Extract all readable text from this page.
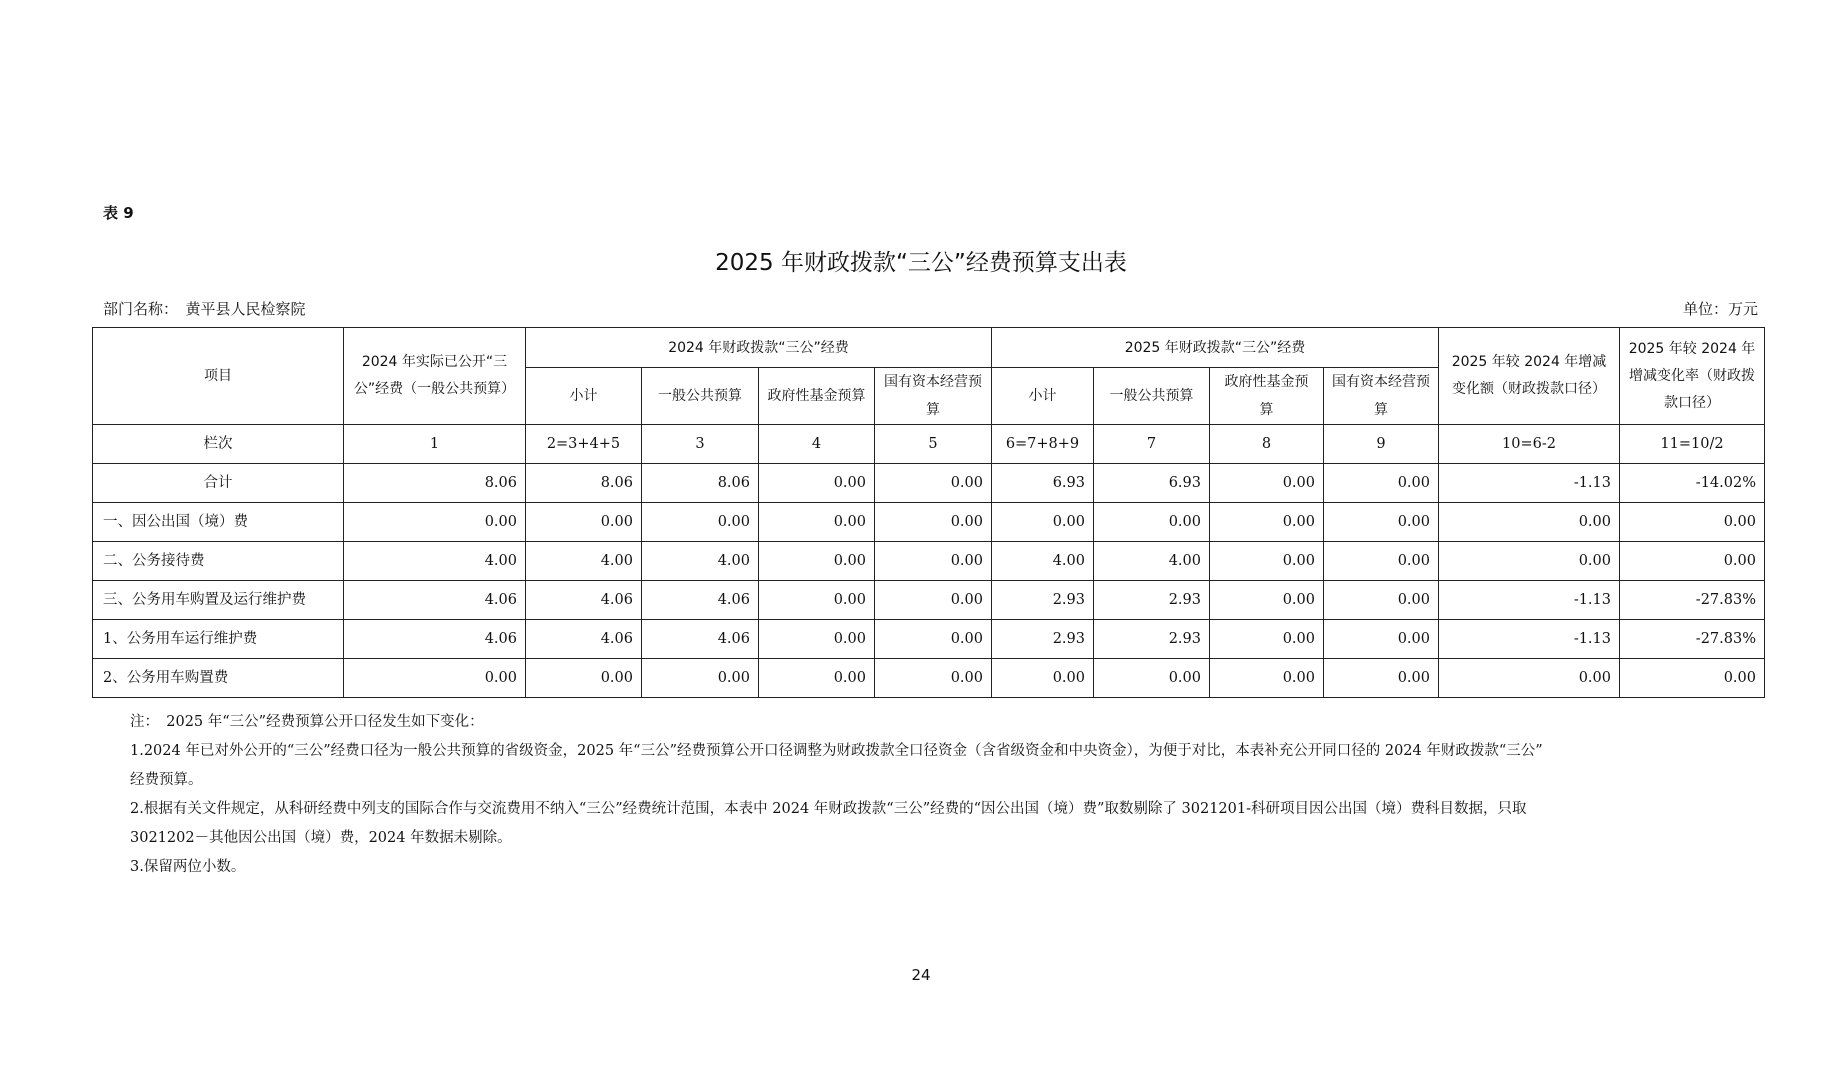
表 9
2025 年财政拨款“三公”经费预算支出表
部门名称：　黄平县人民检察院	单位：万元
项目	2024 年实际已公开“三公”经费（一般公共预算）	2024 年财政拨款“三公”经费				2025 年财政拨款“三公”经费				2025 年较 2024 年增减变化额（财政拨款口径）	2025 年较 2024 年增减变化率（财政拨款口径）
		小计	一般公共预算	政府性基金预算	国有资本经营预算	小计	一般公共预算	政府性基金预算	国有资本经营预算		
栏次	1	2=3+4+5	3	4	5	6=7+8+9	7	8	9	10=6-2	11=10/2
合计	8.06	8.06	8.06	0.00	0.00	6.93	6.93	0.00	0.00	-1.13	-14.02%
一、因公出国（境）费	0.00	0.00	0.00	0.00	0.00	0.00	0.00	0.00	0.00	0.00	0.00
二、公务接待费	4.00	4.00	4.00	0.00	0.00	4.00	4.00	0.00	0.00	0.00	0.00
三、公务用车购置及运行维护费	4.06	4.06	4.06	0.00	0.00	2.93	2.93	0.00	0.00	-1.13	-27.83%
1、公务用车运行维护费	4.06	4.06	4.06	0.00	0.00	2.93	2.93	0.00	0.00	-1.13	-27.83%
2、公务用车购置费	0.00	0.00	0.00	0.00	0.00	0.00	0.00	0.00	0.00	0.00	0.00

注：　2025 年“三公”经费预算公开口径发生如下变化：

1.2024 年已对外公开的“三公”经费口径为一般公共预算的省级资金，2025 年“三公”经费预算公开口径调整为财政拨款全口径资金（含省级资金和中央资金），为便于对比，本表补充公开同口径的 2024 年财政拨款“三公”

经费预算。

2.根据有关文件规定，从科研经费中列支的国际合作与交流费用不纳入“三公”经费统计范围，本表中 2024 年财政拨款“三公”经费的“因公出国（境）费”取数剔除了 3021201-科研项目因公出国（境）费科目数据，只取

3021202－其他因公出国（境）费，2024 年数据未剔除。

3.保留两位小数。

24
